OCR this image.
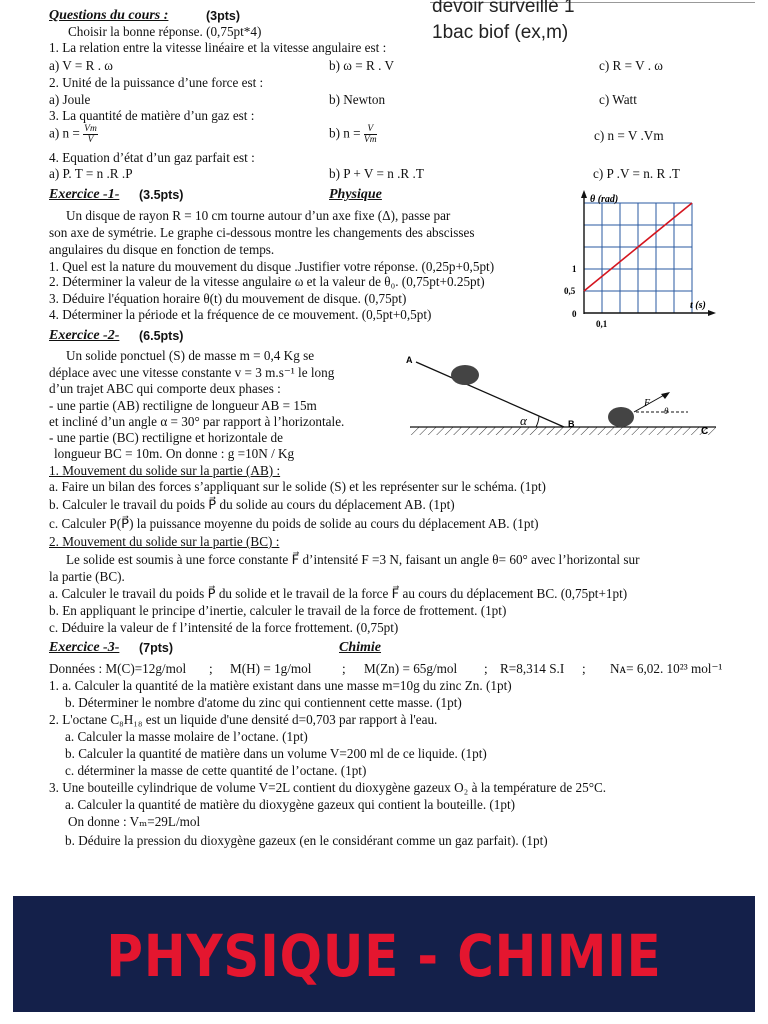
devoir surveillé 1
1bac biof (ex,m)
Questions du cours :	(3pts)
Choisir la bonne réponse. (0,75pt*4)
1. La relation entre la vitesse linéaire et la vitesse angulaire est :
a) V = R . ω	b) ω = R . V	c) R = V . ω
2. Unité de la puissance d’une force est :
a) Joule	b) Newton	c) Watt
3. La quantité de matière d’un gaz est :
a) $n = \frac{Vm}{V}$	b) $n = \frac{V}{Vm}$	c) n = V .Vm
4. Equation d’état d’un gaz parfait est :
a) P. T = n .R .P	b) P + V = n .R .T	c) P .V = n. R .T
Exercice -1- (3.5pts)	Physique
Un disque de rayon R = 10 cm tourne autour d’un axe fixe (Δ), passe par
son axe de symétrie. Le graphe ci-dessous montre les changements des abscisses
angulaires du disque en fonction de temps.
1. Quel est la nature du mouvement du disque .Justifier votre réponse. (0,25p+0,5pt)
2. Déterminer la valeur de la vitesse angulaire ω et la valeur de θ₀. (0,75pt+0.25pt)
3. Déduire l'équation horaire θ(t) du mouvement de disque. (0,75pt)
4. Déterminer la période et la fréquence de ce mouvement. (0,5pt+0,5pt)
θ (rad)
t (s)
1
0,5
0
0,1
Exercice -2- (6.5pts)
Un solide ponctuel (S) de masse m = 0,4 Kg se
déplace avec une vitesse constante v = 3 m.s⁻¹ le long
d’un trajet ABC qui comporte deux phases :
- une partie (AB) rectiligne de longueur AB = 15m
et incliné d’un angle α = 30° par rapport à l’horizontale.
- une partie (BC) rectiligne et horizontale de
longueur BC = 10m. On donne : g =10N / Kg
A
B
C
α
F⃗
θ
1. Mouvement du solide sur la partie (AB) :
a. Faire un bilan des forces s’appliquant sur le solide (S) et les représenter sur le schéma. (1pt)
b. Calculer le travail du poids P⃗ du solide au cours du déplacement AB. (1pt)
c. Calculer P(P⃗) la puissance moyenne du poids de solide au cours du déplacement AB. (1pt)
2. Mouvement du solide sur la partie (BC) :
Le solide est soumis à une force constante F⃗ d’intensité F =3 N, faisant un angle θ= 60° avec l’horizontal sur
la partie (BC).
a. Calculer le travail du poids P⃗ du solide et le travail de la force F⃗ au cours du déplacement BC. (0,75pt+1pt)
b. En appliquant le principe d’inertie, calculer le travail de la force de frottement. (1pt)
c. Déduire la valeur de f l’intensité de la force frottement. (0,75pt)
Exercice -3- (7pts)	Chimie
Données : M(C)=12g/mol ; M(H) = 1g/mol ; M(Zn) = 65g/mol ; R=8,314 S.I ; Nᴀ= 6,02. 10²³ mol⁻¹
1. a. Calculer la quantité de la matière existant dans une masse m=10g du zinc Zn. (1pt)
b. Déterminer le nombre d'atome du zinc qui contiennent cette masse. (1pt)
2. L'octane C₈H₁₈ est un liquide d'une densité d=0,703 par rapport à l'eau.
a. Calculer la masse molaire de l’octane. (1pt)
b. Calculer la quantité de matière dans un volume V=200 ml de ce liquide. (1pt)
c. déterminer la masse de cette quantité de l’octane. (1pt)
3. Une bouteille cylindrique de volume V=2L contient du dioxygène gazeux O₂ à la température de 25°C.
a. Calculer la quantité de matière du dioxygène gazeux qui contient la bouteille. (1pt)
On donne : Vₘ=29L/mol
b. Déduire la pression du dioxygène gazeux (en le considérant comme un gaz parfait). (1pt)
PHYSIQUE - CHIMIE
